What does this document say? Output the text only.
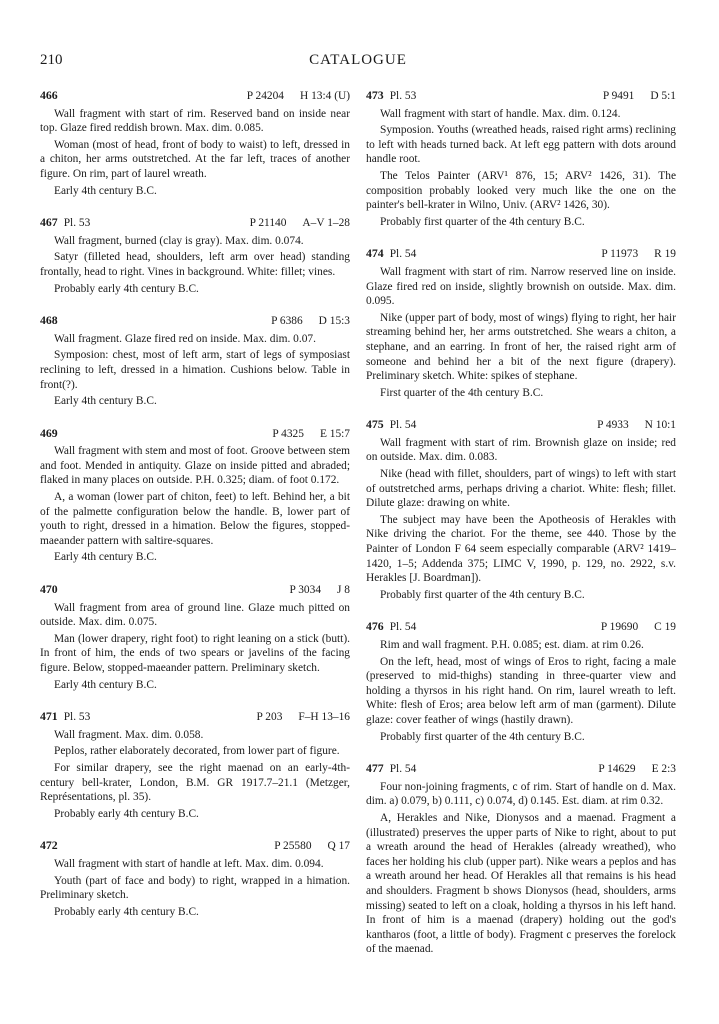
210	CATALOGUE
466	P 24204 H 13:4 (U)
Wall fragment with start of rim. Reserved band on inside near top. Glaze fired reddish brown. Max. dim. 0.085.
Woman (most of head, front of body to waist) to left, dressed in a chiton, her arms outstretched. At the far left, traces of another figure. On rim, part of laurel wreath.
Early 4th century B.C.
467 Pl. 53	P 21140 A–V 1–28
Wall fragment, burned (clay is gray). Max. dim. 0.074.
Satyr (filleted head, shoulders, left arm over head) standing frontally, head to right. Vines in background. White: fillet; vines.
Probably early 4th century B.C.
468	P 6386 D 15:3
Wall fragment. Glaze fired red on inside. Max. dim. 0.07.
Symposion: chest, most of left arm, start of legs of symposiast reclining to left, dressed in a himation. Cushions below. Table in front(?).
Early 4th century B.C.
469	P 4325 E 15:7
Wall fragment with stem and most of foot. Groove between stem and foot. Mended in antiquity. Glaze on inside pitted and abraded; flaked in many places on outside. P.H. 0.325; diam. of foot 0.172.
A, a woman (lower part of chiton, feet) to left. Behind her, a bit of the palmette configuration below the handle. B, lower part of youth to right, dressed in a himation. Below the figures, stopped-maeander pattern with saltire-squares.
Early 4th century B.C.
470	P 3034 J 8
Wall fragment from area of ground line. Glaze much pitted on outside. Max. dim. 0.075.
Man (lower drapery, right foot) to right leaning on a stick (butt). In front of him, the ends of two spears or javelins of the facing figure. Below, stopped-maeander pattern. Preliminary sketch.
Early 4th century B.C.
471 Pl. 53	P 203 F–H 13–16
Wall fragment. Max. dim. 0.058.
Peplos, rather elaborately decorated, from lower part of figure.
For similar drapery, see the right maenad on an early-4th-century bell-krater, London, B.M. GR 1917.7–21.1 (Metzger, Représentations, pl. 35).
Probably early 4th century B.C.
472	P 25580 Q 17
Wall fragment with start of handle at left. Max. dim. 0.094.
Youth (part of face and body) to right, wrapped in a himation. Preliminary sketch.
Probably early 4th century B.C.
473 Pl. 53	P 9491 D 5:1
Wall fragment with start of handle. Max. dim. 0.124.
Symposion. Youths (wreathed heads, raised right arms) reclining to left with heads turned back. At left egg pattern with dots around handle root.
The Telos Painter (ARV¹ 876, 15; ARV² 1426, 31). The composition probably looked very much like the one on the painter's bell-krater in Wilno, Univ. (ARV² 1426, 30).
Probably first quarter of the 4th century B.C.
474 Pl. 54	P 11973 R 19
Wall fragment with start of rim. Narrow reserved line on inside. Glaze fired red on inside, slightly brownish on outside. Max. dim. 0.095.
Nike (upper part of body, most of wings) flying to right, her hair streaming behind her, her arms outstretched. She wears a chiton, a stephane, and an earring. In front of her, the raised right arm of someone and behind her a bit of the next figure (drapery). Preliminary sketch. White: spikes of stephane.
First quarter of the 4th century B.C.
475 Pl. 54	P 4933 N 10:1
Wall fragment with start of rim. Brownish glaze on inside; red on outside. Max. dim. 0.083.
Nike (head with fillet, shoulders, part of wings) to left with start of outstretched arms, perhaps driving a chariot. White: flesh; fillet. Dilute glaze: drawing on white.
The subject may have been the Apotheosis of Herakles with Nike driving the chariot. For the theme, see 440. Those by the Painter of London F 64 seem especially comparable (ARV² 1419–1420, 1–5; Addenda 375; LIMC V, 1990, p. 129, no. 2922, s.v. Herakles [J. Boardman]).
Probably first quarter of the 4th century B.C.
476 Pl. 54	P 19690 C 19
Rim and wall fragment. P.H. 0.085; est. diam. at rim 0.26.
On the left, head, most of wings of Eros to right, facing a male (preserved to mid-thighs) standing in three-quarter view and holding a thyrsos in his right hand. On rim, laurel wreath to left. White: flesh of Eros; area below left arm of man (garment). Dilute glaze: cover feather of wings (hastily drawn).
Probably first quarter of the 4th century B.C.
477 Pl. 54	P 14629 E 2:3
Four non-joining fragments, c of rim. Start of handle on d. Max. dim. a) 0.079, b) 0.111, c) 0.074, d) 0.145. Est. diam. at rim 0.32.
A, Herakles and Nike, Dionysos and a maenad. Fragment a (illustrated) preserves the upper parts of Nike to right, about to put a wreath around the head of Herakles (already wreathed), who faces her holding his club (upper part). Nike wears a peplos and has a wreath around her head. Of Herakles all that remains is his head and shoulders. Fragment b shows Dionysos (head, shoulders, arms missing) seated to left on a cloak, holding a thyrsos in his left hand. In front of him is a maenad (drapery) holding out the god's kantharos (foot, a little of body). Fragment c preserves the forelock of the maenad.
